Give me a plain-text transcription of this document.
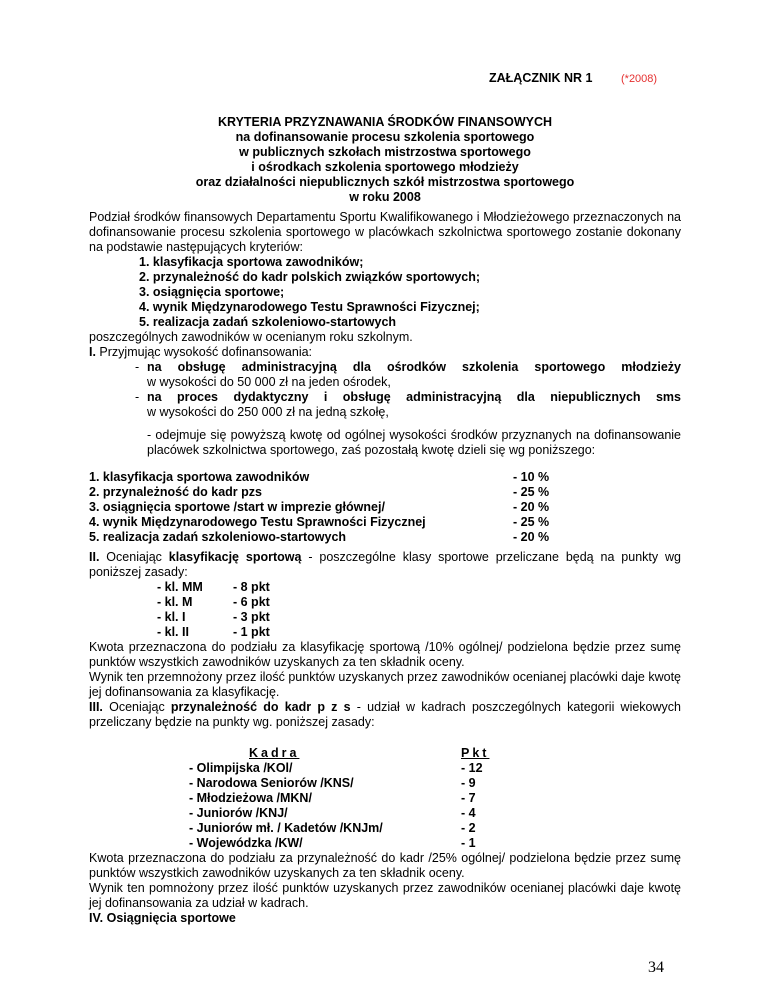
ZAŁĄCZNIK NR 1	(*2008)
KRYTERIA PRZYZNAWANIA ŚRODKÓW FINANSOWYCH
na dofinansowanie procesu szkolenia sportowego
w publicznych szkołach mistrzostwa sportowego
i ośrodkach szkolenia sportowego młodzieży
oraz działalności niepublicznych szkół mistrzostwa sportowego
w roku 2008

Podział środków finansowych Departamentu Sportu Kwalifikowanego i Młodzieżowego przeznaczonych na dofinansowanie procesu szkolenia sportowego w placówkach szkolnictwa sportowego zostanie dokonany na podstawie następujących kryteriów:

1. klasyfikacja sportowa zawodników;
2. przynależność do kadr polskich związków sportowych;
3. osiągnięcia sportowe;
4. wynik Międzynarodowego Testu Sprawności Fizycznej;
5. realizacja zadań szkoleniowo-startowych

poszczególnych zawodników w ocenianym roku szkolnym.

I. Przyjmując wysokość dofinansowania:

- na obsługę administracyjną dla ośrodków szkolenia sportowego młodzieży
w wysokości do 50 000 zł na jeden ośrodek,
- na proces dydaktyczny i obsługę administracyjną dla niepublicznych sms
w wysokości do 250 000 zł na jedną szkołę,

- odejmuje się powyższą kwotę od ogólnej wysokości środków przyznanych na dofinansowanie placówek szkolnictwa sportowego, zaś pozostałą kwotę dzieli się wg poniższego:

1. klasyfikacja sportowa zawodników	- 10 %
2. przynależność do kadr pzs	- 25 %
3. osiągnięcia sportowe /start w imprezie głównej/	- 20 %
4. wynik Międzynarodowego Testu Sprawności Fizycznej	- 25 %
5. realizacja zadań szkoleniowo-startowych	- 20 %

II. Oceniając klasyfikację sportową - poszczególne klasy sportowe przeliczane będą na punkty wg poniższej zasady:

- kl. MM - 8 pkt
- kl. M	- 6 pkt
- kl. I	- 3 pkt
- kl. II	- 1 pkt

Kwota przeznaczona do podziału za klasyfikację sportową /10% ogólnej/ podzielona będzie przez sumę punktów wszystkich zawodników uzyskanych za ten składnik oceny.

Wynik ten przemnożony przez ilość punktów uzyskanych przez zawodników ocenianej placówki daje kwotę jej dofinansowania za klasyfikację.

III. Oceniając przynależność do kadr p z s - udział w kadrach poszczególnych kategorii wiekowych przeliczany będzie na punkty wg. poniższej zasady:

Kadra	Pkt
- Olimpijska /KOl/	- 12
- Narodowa Seniorów /KNS/	- 9
- Młodzieżowa /MKN/	- 7
- Juniorów /KNJ/	- 4
- Juniorów mł. / Kadetów /KNJm/	- 2
- Wojewódzka /KW/	- 1

Kwota przeznaczona do podziału za przynależność do kadr /25% ogólnej/ podzielona będzie przez sumę punktów wszystkich zawodników uzyskanych za ten składnik oceny.

Wynik ten pomnożony przez ilość punktów uzyskanych przez zawodników ocenianej placówki daje kwotę jej dofinansowania za udział w kadrach.

IV. Osiągnięcia sportowe

34
